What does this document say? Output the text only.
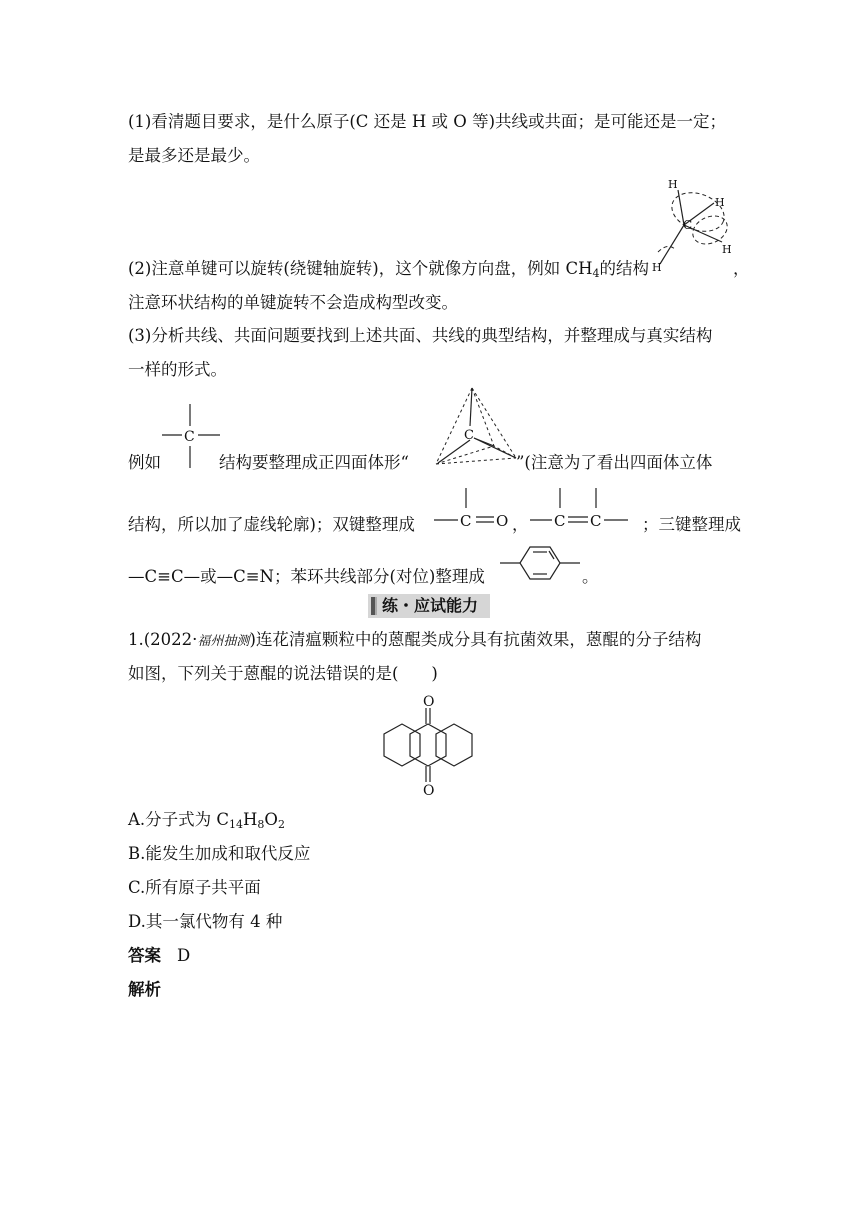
(1)看清题目要求，是什么原子(C 还是 H 或 O 等)共线或共面；是可能还是一定；
是最多还是最少。
H
H
H
H
C
(2)注意单键可以旋转(绕键轴旋转)，这个就像方向盘，例如 $CH_4$的结构	，
注意环状结构的单键旋转不会造成构型改变。
(3)分析共线、共面问题要找到上述共面、共线的典型结构，并整理成与真实结构
一样的形式。
例如
C
结构要整理成正四面体形“
C
”(注意为了看出四面体立体
结构，所以加了虚线轮廓)；双键整理成	C O ， C C ；三键整理成
—C≡C—或—C≡N；苯环共线部分(对位)整理成	。
练・应试能力
1.(2022·福州抽测)连花清瘟颗粒中的蒽醌类成分具有抗菌效果，蒽醌的分子结构
如图，下列关于蒽醌的说法错误的是(　　)
O
O
A.分子式为 $C_{14}H_8O_2$
B.能发生加成和取代反应
C.所有原子共平面
D.其一氯代物有 4 种
答案 D
解析
